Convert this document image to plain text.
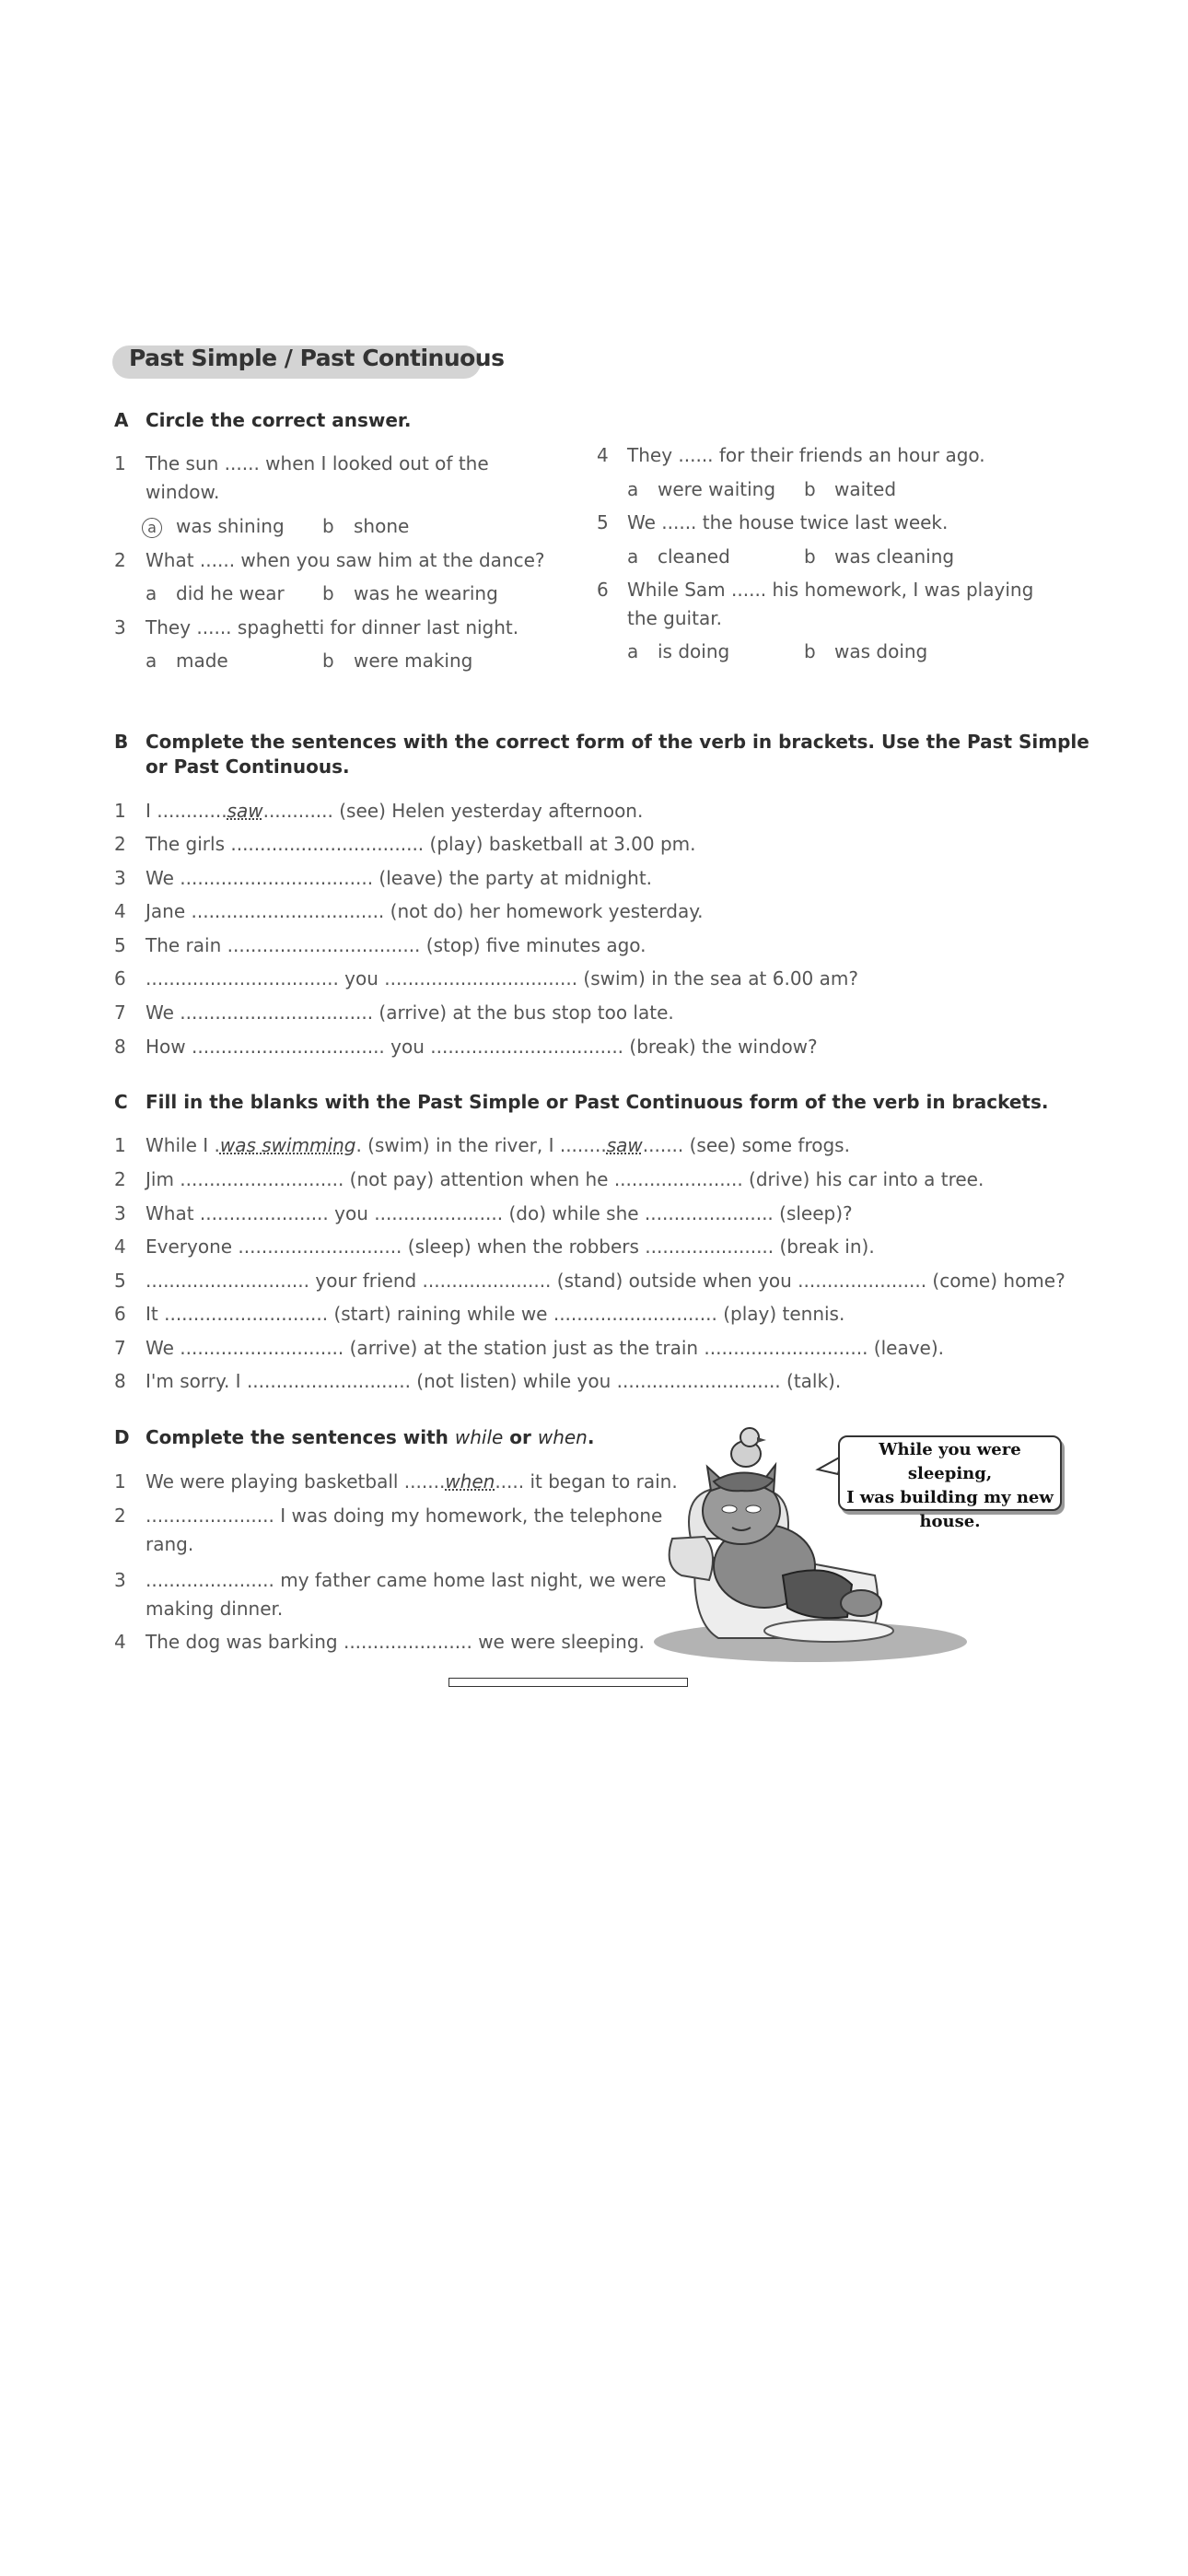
Past Simple / Past Continuous
A Circle the correct answer.
1 The sun ...... when I looked out of the
window.
a	was shining b shone
2 What ...... when you saw him at the dance?
a did he wear b was he wearing
3 They ...... spaghetti for dinner last night.
a made	b were making
4 They ...... for their friends an hour ago.
a were waiting b waited
5 We ...... the house twice last week.
a cleaned	b was cleaning
6 While Sam ...... his homework, I was playing
the guitar.
a is doing	b was doing
B Complete the sentences with the correct form of the verb in brackets. Use the Past Simple
or Past Continuous.
1 I ............saw............ (see) Helen yesterday afternoon.
2 The girls ................................. (play) basketball at 3.00 pm.
3 We ................................. (leave) the party at midnight.
4 Jane ................................. (not do) her homework yesterday.
5 The rain ................................. (stop) five minutes ago.
6 ................................. you ................................. (swim) in the sea at 6.00 am?
7 We ................................. (arrive) at the bus stop too late.
8 How ................................. you ................................. (break) the window?
C Fill in the blanks with the Past Simple or Past Continuous form of the verb in brackets.
1 While I .was swimming. (swim) in the river, I ........saw....... (see) some frogs.
2 Jim ............................ (not pay) attention when he ...................... (drive) his car into a tree.
3 What ...................... you ...................... (do) while she ...................... (sleep)?
4 Everyone ............................ (sleep) when the robbers ...................... (break in).
5 ............................ your friend ...................... (stand) outside when you ...................... (come) home?
6 It ............................ (start) raining while we ............................ (play) tennis.
7 We ............................ (arrive) at the station just as the train ............................ (leave).
8 I'm sorry. I ............................ (not listen) while you ............................ (talk).
D Complete the sentences with while or when.
1 We were playing basketball .......when..... it began to rain.
2 ...................... I was doing my homework, the telephone
rang.
3 ...................... my father came home last night, we were
making dinner.
4 The dog was barking ...................... we were sleeping.
While you were sleeping,
I was building my new
house.
